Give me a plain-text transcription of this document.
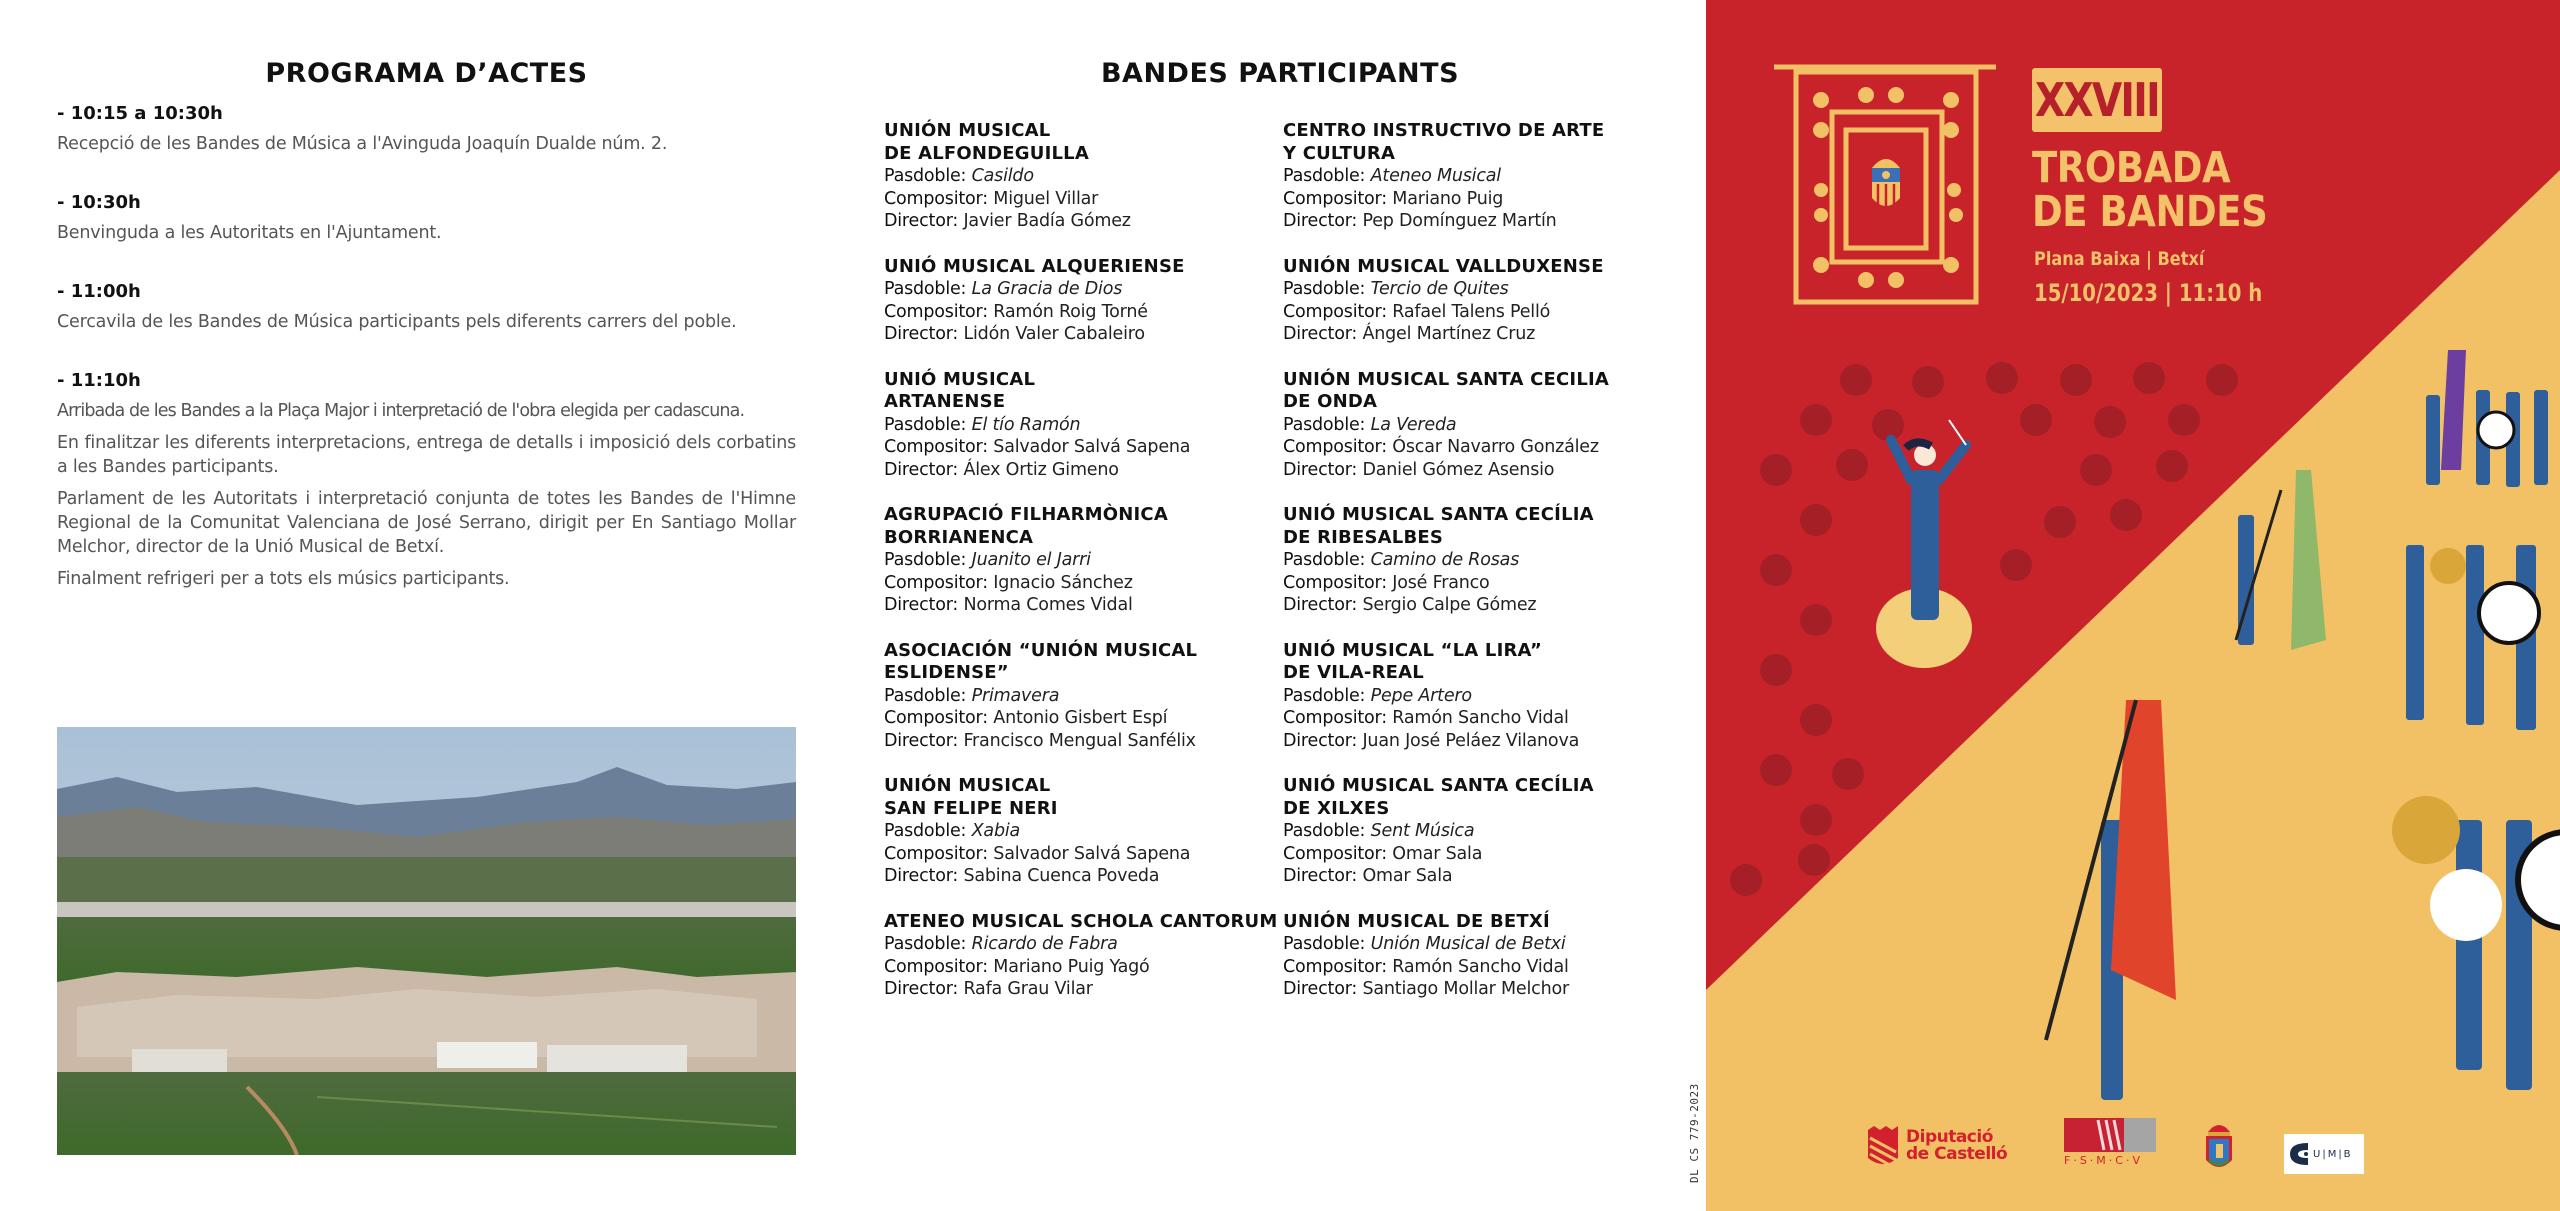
PROGRAMA D’ACTES

- 10:15 a 10:30h

Recepció de les Bandes de Música a l'Avinguda Joaquín Dualde núm. 2.

- 10:30h

Benvinguda a les Autoritats en l'Ajuntament.

- 11:00h

Cercavila de les Bandes de Música participants pels diferents carrers del poble.

- 11:10h

Arribada de les Bandes a la Plaça Major i interpretació de l'obra elegida per cadascuna.

En finalitzar les diferents interpretacions, entrega de detalls i imposició dels corbatins a les Bandes participants.

Parlament de les Autoritats i interpretació conjunta de totes les Bandes de l'Himne Regional de la Comunitat Valenciana de José Serrano, dirigit per En Santiago Mollar Melchor, director de la Unió Musical de Betxí.

Finalment refrigeri per a tots els músics participants.

BANDES PARTICIPANTS
UNIÓN MUSICAL
DE ALFONDEGUILLA
Pasdoble: Casildo
Compositor: Miguel Villar
Director: Javier Badía Gómez
UNIÓ MUSICAL ALQUERIENSE
Pasdoble: La Gracia de Dios
Compositor: Ramón Roig Torné
Director: Lidón Valer Cabaleiro
UNIÓ MUSICAL
ARTANENSE
Pasdoble: El tío Ramón
Compositor: Salvador Salvá Sapena
Director: Álex Ortiz Gimeno
AGRUPACIÓ FILHARMÒNICA
BORRIANENCA
Pasdoble: Juanito el Jarri
Compositor: Ignacio Sánchez
Director: Norma Comes Vidal
ASOCIACIÓN “UNIÓN MUSICAL
ESLIDENSE”
Pasdoble: Primavera
Compositor: Antonio Gisbert Espí
Director: Francisco Mengual Sanfélix
UNIÓN MUSICAL
SAN FELIPE NERI
Pasdoble: Xabia
Compositor: Salvador Salvá Sapena
Director: Sabina Cuenca Poveda
ATENEO MUSICAL SCHOLA CANTORUM
Pasdoble: Ricardo de Fabra
Compositor: Mariano Puig Yagó
Director: Rafa Grau Vilar
CENTRO INSTRUCTIVO DE ARTE
Y CULTURA
Pasdoble: Ateneo Musical
Compositor: Mariano Puig
Director: Pep Domínguez Martín
UNIÓN MUSICAL VALLDUXENSE
Pasdoble: Tercio de Quites
Compositor: Rafael Talens Pelló
Director: Ángel Martínez Cruz
UNIÓN MUSICAL SANTA CECILIA
DE ONDA
Pasdoble: La Vereda
Compositor: Óscar Navarro González
Director: Daniel Gómez Asensio
UNIÓ MUSICAL SANTA CECÍLIA
DE RIBESALBES
Pasdoble: Camino de Rosas
Compositor: José Franco
Director: Sergio Calpe Gómez
UNIÓ MUSICAL “LA LIRA”
DE VILA-REAL
Pasdoble: Pepe Artero
Compositor: Ramón Sancho Vidal
Director: Juan José Peláez Vilanova
UNIÓ MUSICAL SANTA CECÍLIA
DE XILXES
Pasdoble: Sent Música
Compositor: Omar Sala
Director: Omar Sala
UNIÓN MUSICAL DE BETXÍ
Pasdoble: Unión Musical de Betxi
Compositor: Ramón Sancho Vidal
Director: Santiago Mollar Melchor
DL CS 779-2023
XXVIII
TROBADA
DE BANDES
Plana Baixa | Betxí
15/10/2023 | 11:10 h
Diputació
de Castelló	F·S·M·C·V	U|M|B
